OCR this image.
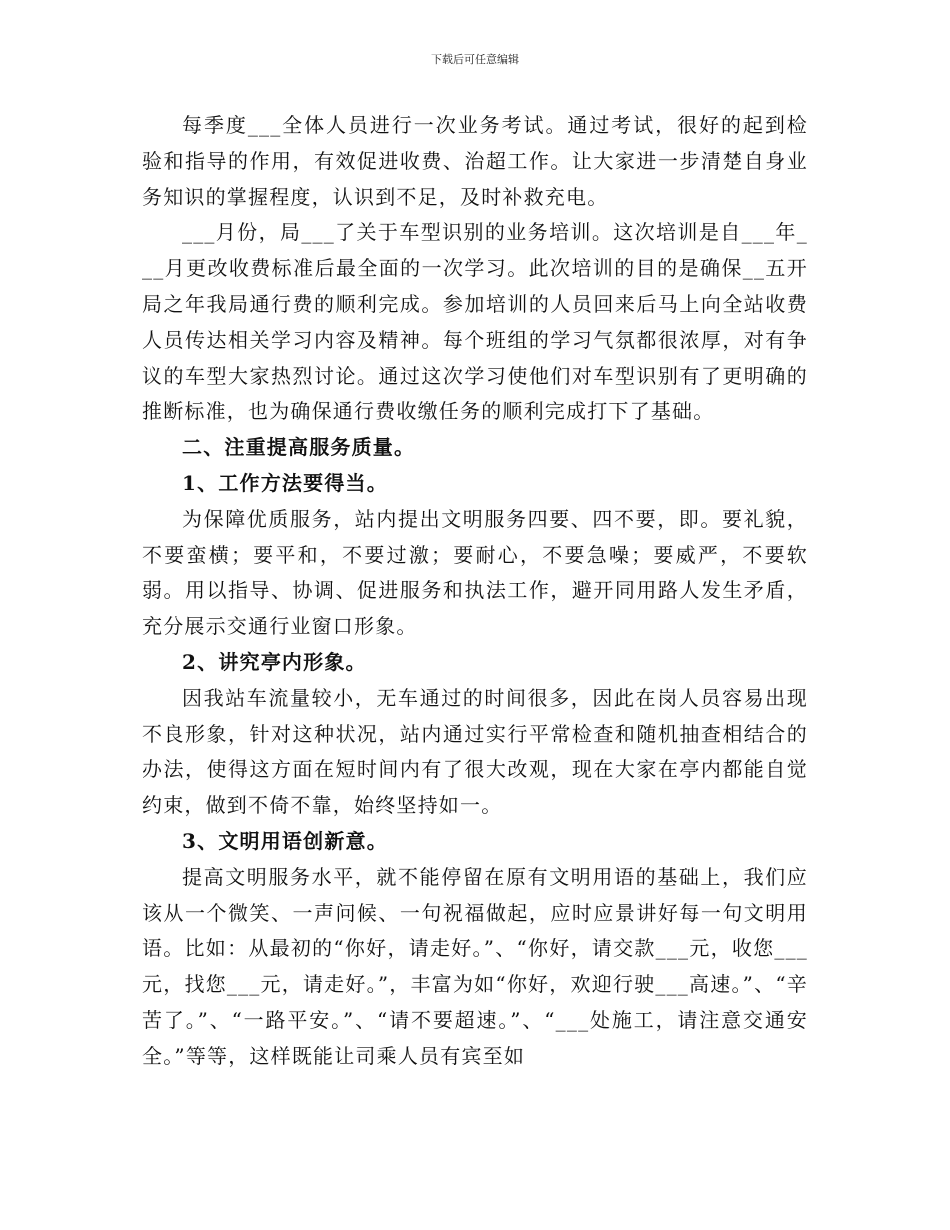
下载后可任意编辑

每季度___全体人员进行一次业务考试。通过考试，很好的起到检验和指导的作用，有效促进收费、治超工作。让大家进一步清楚自身业务知识的掌握程度，认识到不足，及时补救充电。

___月份，局___了关于车型识别的业务培训。这次培训是自___年___月更改收费标准后最全面的一次学习。此次培训的目的是确保__五开局之年我局通行费的顺利完成。参加培训的人员回来后马上向全站收费人员传达相关学习内容及精神。每个班组的学习气氛都很浓厚，对有争议的车型大家热烈讨论。通过这次学习使他们对车型识别有了更明确的推断标准，也为确保通行费收缴任务的顺利完成打下了基础。

二、注重提高服务质量。

1、工作方法要得当。

为保障优质服务，站内提出文明服务四要、四不要，即。要礼貌，不要蛮横；要平和，不要过激；要耐心，不要急噪；要威严，不要软弱。用以指导、协调、促进服务和执法工作，避开同用路人发生矛盾，充分展示交通行业窗口形象。

2、讲究亭内形象。

因我站车流量较小，无车通过的时间很多，因此在岗人员容易出现不良形象，针对这种状况，站内通过实行平常检查和随机抽查相结合的办法，使得这方面在短时间内有了很大改观，现在大家在亭内都能自觉约束，做到不倚不靠，始终坚持如一。

3、文明用语创新意。

提高文明服务水平，就不能停留在原有文明用语的基础上，我们应该从一个微笑、一声问候、一句祝福做起，应时应景讲好每一句文明用语。比如：从最初的“你好，请走好。”、“你好，请交款___元，收您___元，找您___元，请走好。”，丰富为如“你好，欢迎行驶___高速。”、“辛苦了。”、“一路平安。”、“请不要超速。”、“___处施工，请注意交通安全。”等等，这样既能让司乘人员有宾至如
